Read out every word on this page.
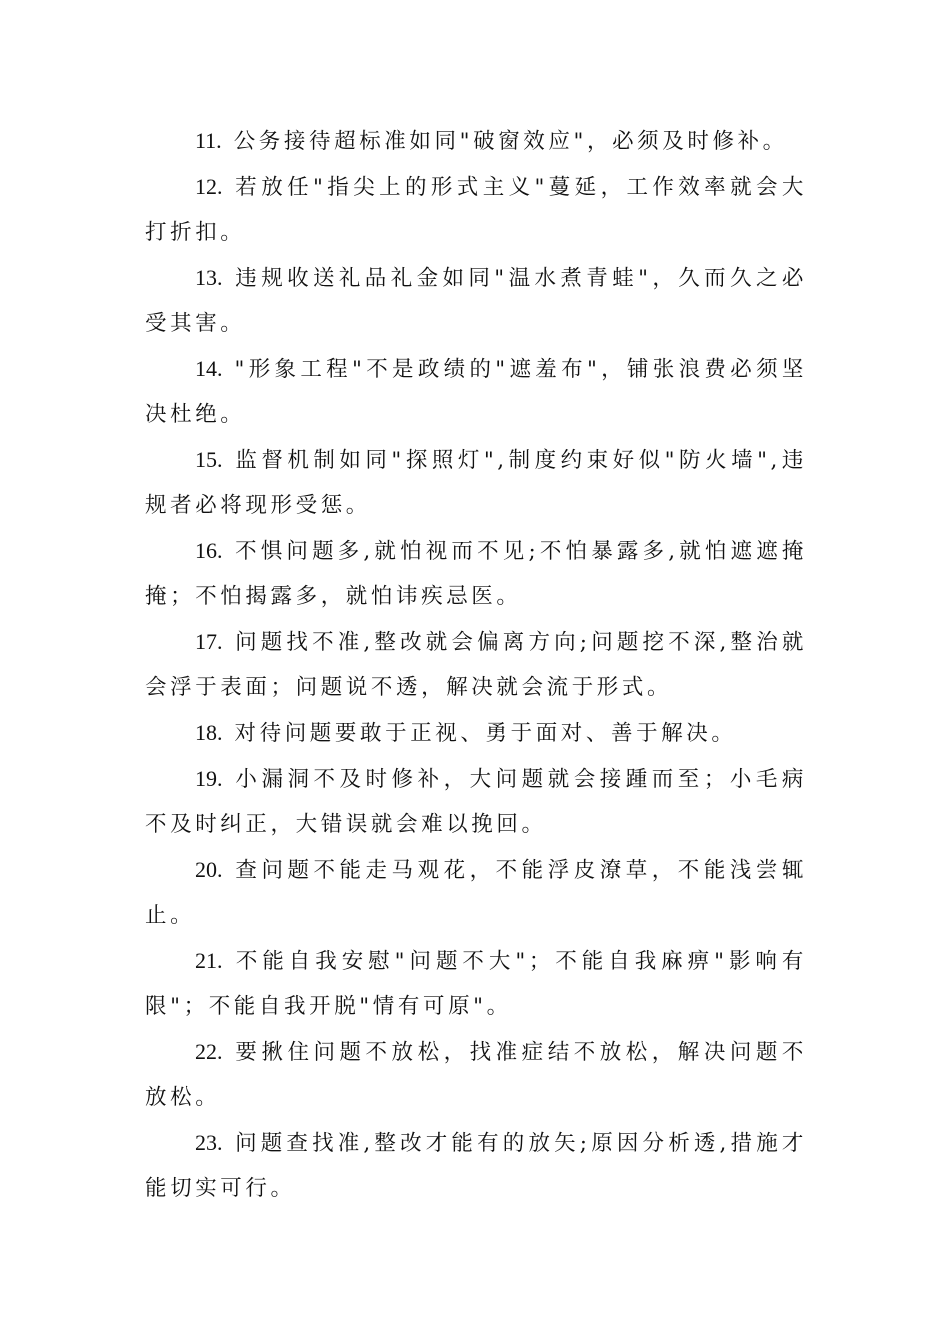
11. 公务接待超标准如同"破窗效应"，必须及时修补。

12. 若放任"指尖上的形式主义"蔓延，工作效率就会大打折扣。

13. 违规收送礼品礼金如同"温水煮青蛙"，久而久之必受其害。

14. "形象工程"不是政绩的"遮羞布"，铺张浪费必须坚决杜绝。

15. 监督机制如同"探照灯",制度约束好似"防火墙",违规者必将现形受惩。

16. 不惧问题多,就怕视而不见;不怕暴露多,就怕遮遮掩掩；不怕揭露多，就怕讳疾忌医。

17. 问题找不准,整改就会偏离方向;问题挖不深,整治就会浮于表面；问题说不透，解决就会流于形式。

18. 对待问题要敢于正视、勇于面对、善于解决。

19. 小漏洞不及时修补，大问题就会接踵而至；小毛病不及时纠正，大错误就会难以挽回。

20. 查问题不能走马观花，不能浮皮潦草，不能浅尝辄止。

21. 不能自我安慰"问题不大"；不能自我麻痹"影响有限"；不能自我开脱"情有可原"。

22. 要揪住问题不放松，找准症结不放松，解决问题不放松。

23. 问题查找准,整改才能有的放矢;原因分析透,措施才能切实可行。
